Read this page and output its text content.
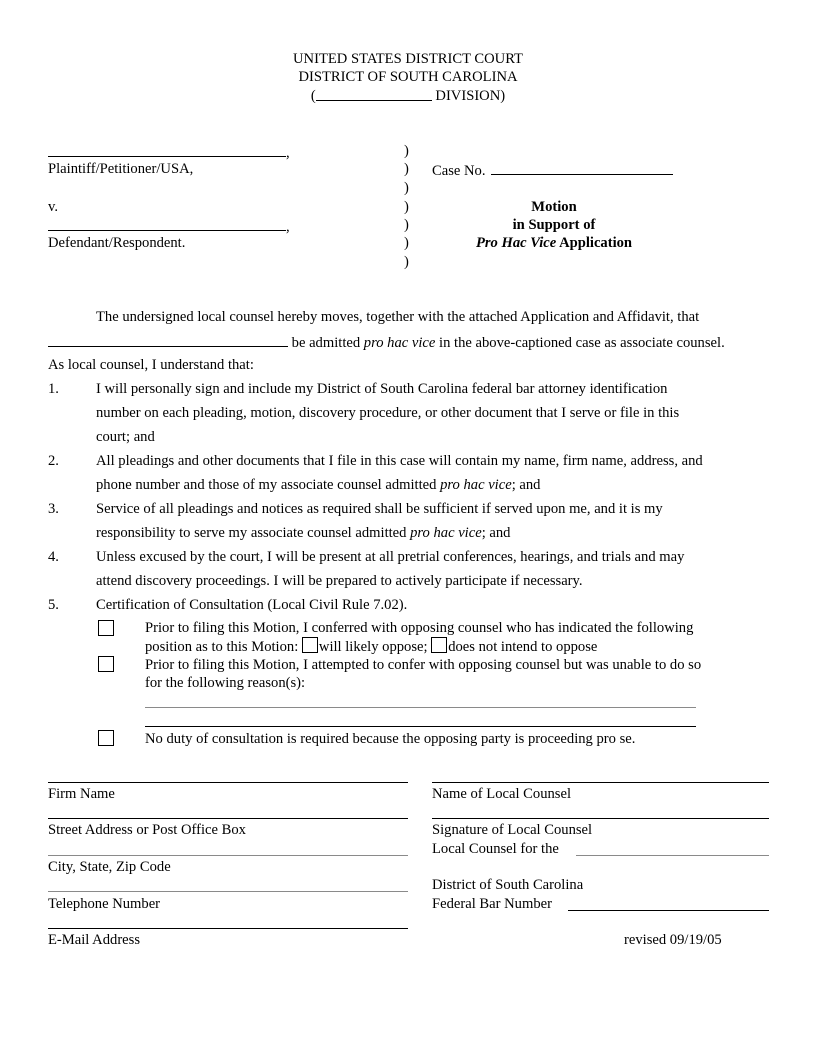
UNITED STATES DISTRICT COURT
DISTRICT OF SOUTH CAROLINA
(	DIVISION)
,
Plaintiff/Petitioner/USA,
v.
,
Defendant/Respondent.
)
)
)
)
)
)
)
Case No.
Motion
in Support of
Pro Hac Vice Application
The undersigned local counsel hereby moves, together with the attached Application and Affidavit, that
be admitted pro hac vice in the above-captioned case as associate counsel.
As local counsel, I understand that:
1.	I will personally sign and include my District of South Carolina federal bar attorney identification
number on each pleading, motion, discovery procedure, or other document that I serve or file in this
court; and
2.	All pleadings and other documents that I file in this case will contain my name, firm name, address, and
phone number and those of my associate counsel admitted pro hac vice; and
3.	Service of all pleadings and notices as required shall be sufficient if served upon me, and it is my
responsibility to serve my associate counsel admitted pro hac vice; and
4.	Unless excused by the court, I will be present at all pretrial conferences, hearings, and trials and may
attend discovery proceedings. I will be prepared to actively participate if necessary.
5.	Certification of Consultation (Local Civil Rule 7.02).
Prior to filing this Motion, I conferred with opposing counsel who has indicated the following
position as to this Motion: will likely oppose; does not intend to oppose
Prior to filing this Motion, I attempted to confer with opposing counsel but was unable to do so
for the following reason(s):
No duty of consultation is required because the opposing party is proceeding pro se.
Firm Name
Street Address or Post Office Box
City, State, Zip Code
Telephone Number
E-Mail Address
Name of Local Counsel
Signature of Local Counsel
Local Counsel for the
District of South Carolina
Federal Bar Number
revised 09/19/05
